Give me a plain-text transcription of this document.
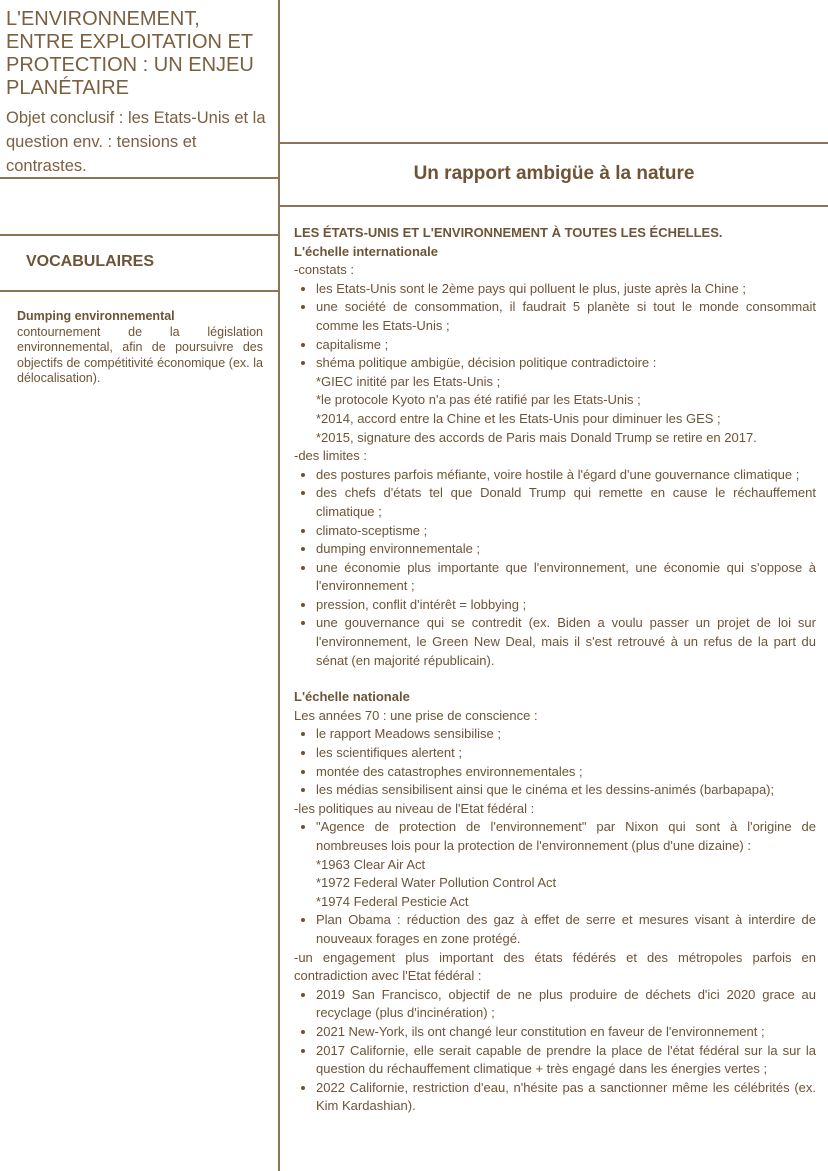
L'ENVIRONNEMENT, ENTRE EXPLOITATION ET PROTECTION : UN ENJEU PLANÉTAIRE
Objet conclusif : les Etats-Unis et la question env. : tensions et contrastes.
VOCABULAIRES
Dumping environnemental
contournement de la législation environnemental, afin de poursuivre des objectifs de compétitivité économique (ex. la délocalisation).
Un rapport ambigüe à la nature
LES ÉTATS-UNIS ET L'ENVIRONNEMENT À TOUTES LES ÉCHELLES.
L'échelle internationale

-constats :

• les Etats-Unis sont le 2ème pays qui polluent le plus, juste après la Chine ;
• une société de consommation, il faudrait 5 planète si tout le monde consommait comme les Etats-Unis ;
• capitalisme ;
• shéma politique ambigüe, décision politique contradictoire :
*GIEC initité par les Etats-Unis ;
*le protocole Kyoto n'a pas été ratifié par les Etats-Unis ;
*2014, accord entre la Chine et les Etats-Unis pour diminuer les GES ;
*2015, signature des accords de Paris mais Donald Trump se retire en 2017.

-des limites :

• des postures parfois méfiante, voire hostile à l'égard d'une gouvernance climatique ;
• des chefs d'états tel que Donald Trump qui remette en cause le réchauffement climatique ;
• climato-sceptisme ;
• dumping environnementale ;
• une économie plus importante que l'environnement, une économie qui s'oppose à l'environnement ;
• pression, conflit d'intérêt = lobbying ;
• une gouvernance qui se contredit (ex. Biden a voulu passer un projet de loi sur l'environnement, le Green New Deal, mais il s'est retrouvé à un refus de la part du sénat (en majorité républicain).
L'échelle nationale

Les années 70 : une prise de conscience :

• le rapport Meadows sensibilise ;
• les scientifiques alertent ;
• montée des catastrophes environnementales ;
• les médias sensibilisent ainsi que le cinéma et les dessins-animés (barbapapa);

-les politiques au niveau de l'Etat fédéral :

• "Agence de protection de l'environnement" par Nixon qui sont à l'origine de nombreuses lois pour la protection de l'environnement (plus d'une dizaine) :
*1963 Clear Air Act
*1972 Federal Water Pollution Control Act
*1974 Federal Pesticie Act
• Plan Obama : réduction des gaz à effet de serre et mesures visant à interdire de nouveaux forages en zone protégé.

-un engagement plus important des états fédérés et des métropoles parfois en contradiction avec l'Etat fédéral :

• 2019 San Francisco, objectif de ne plus produire de déchets d'ici 2020 grace au recyclage (plus d'incinération) ;
• 2021 New-York, ils ont changé leur constitution en faveur de l'environnement ;
• 2017 Californie, elle serait capable de prendre la place de l'état fédéral sur la sur la question du réchauffement climatique + très engagé dans les énergies vertes ;
• 2022 Californie, restriction d'eau, n'hésite pas a sanctionner même les célébrités (ex. Kim Kardashian).
